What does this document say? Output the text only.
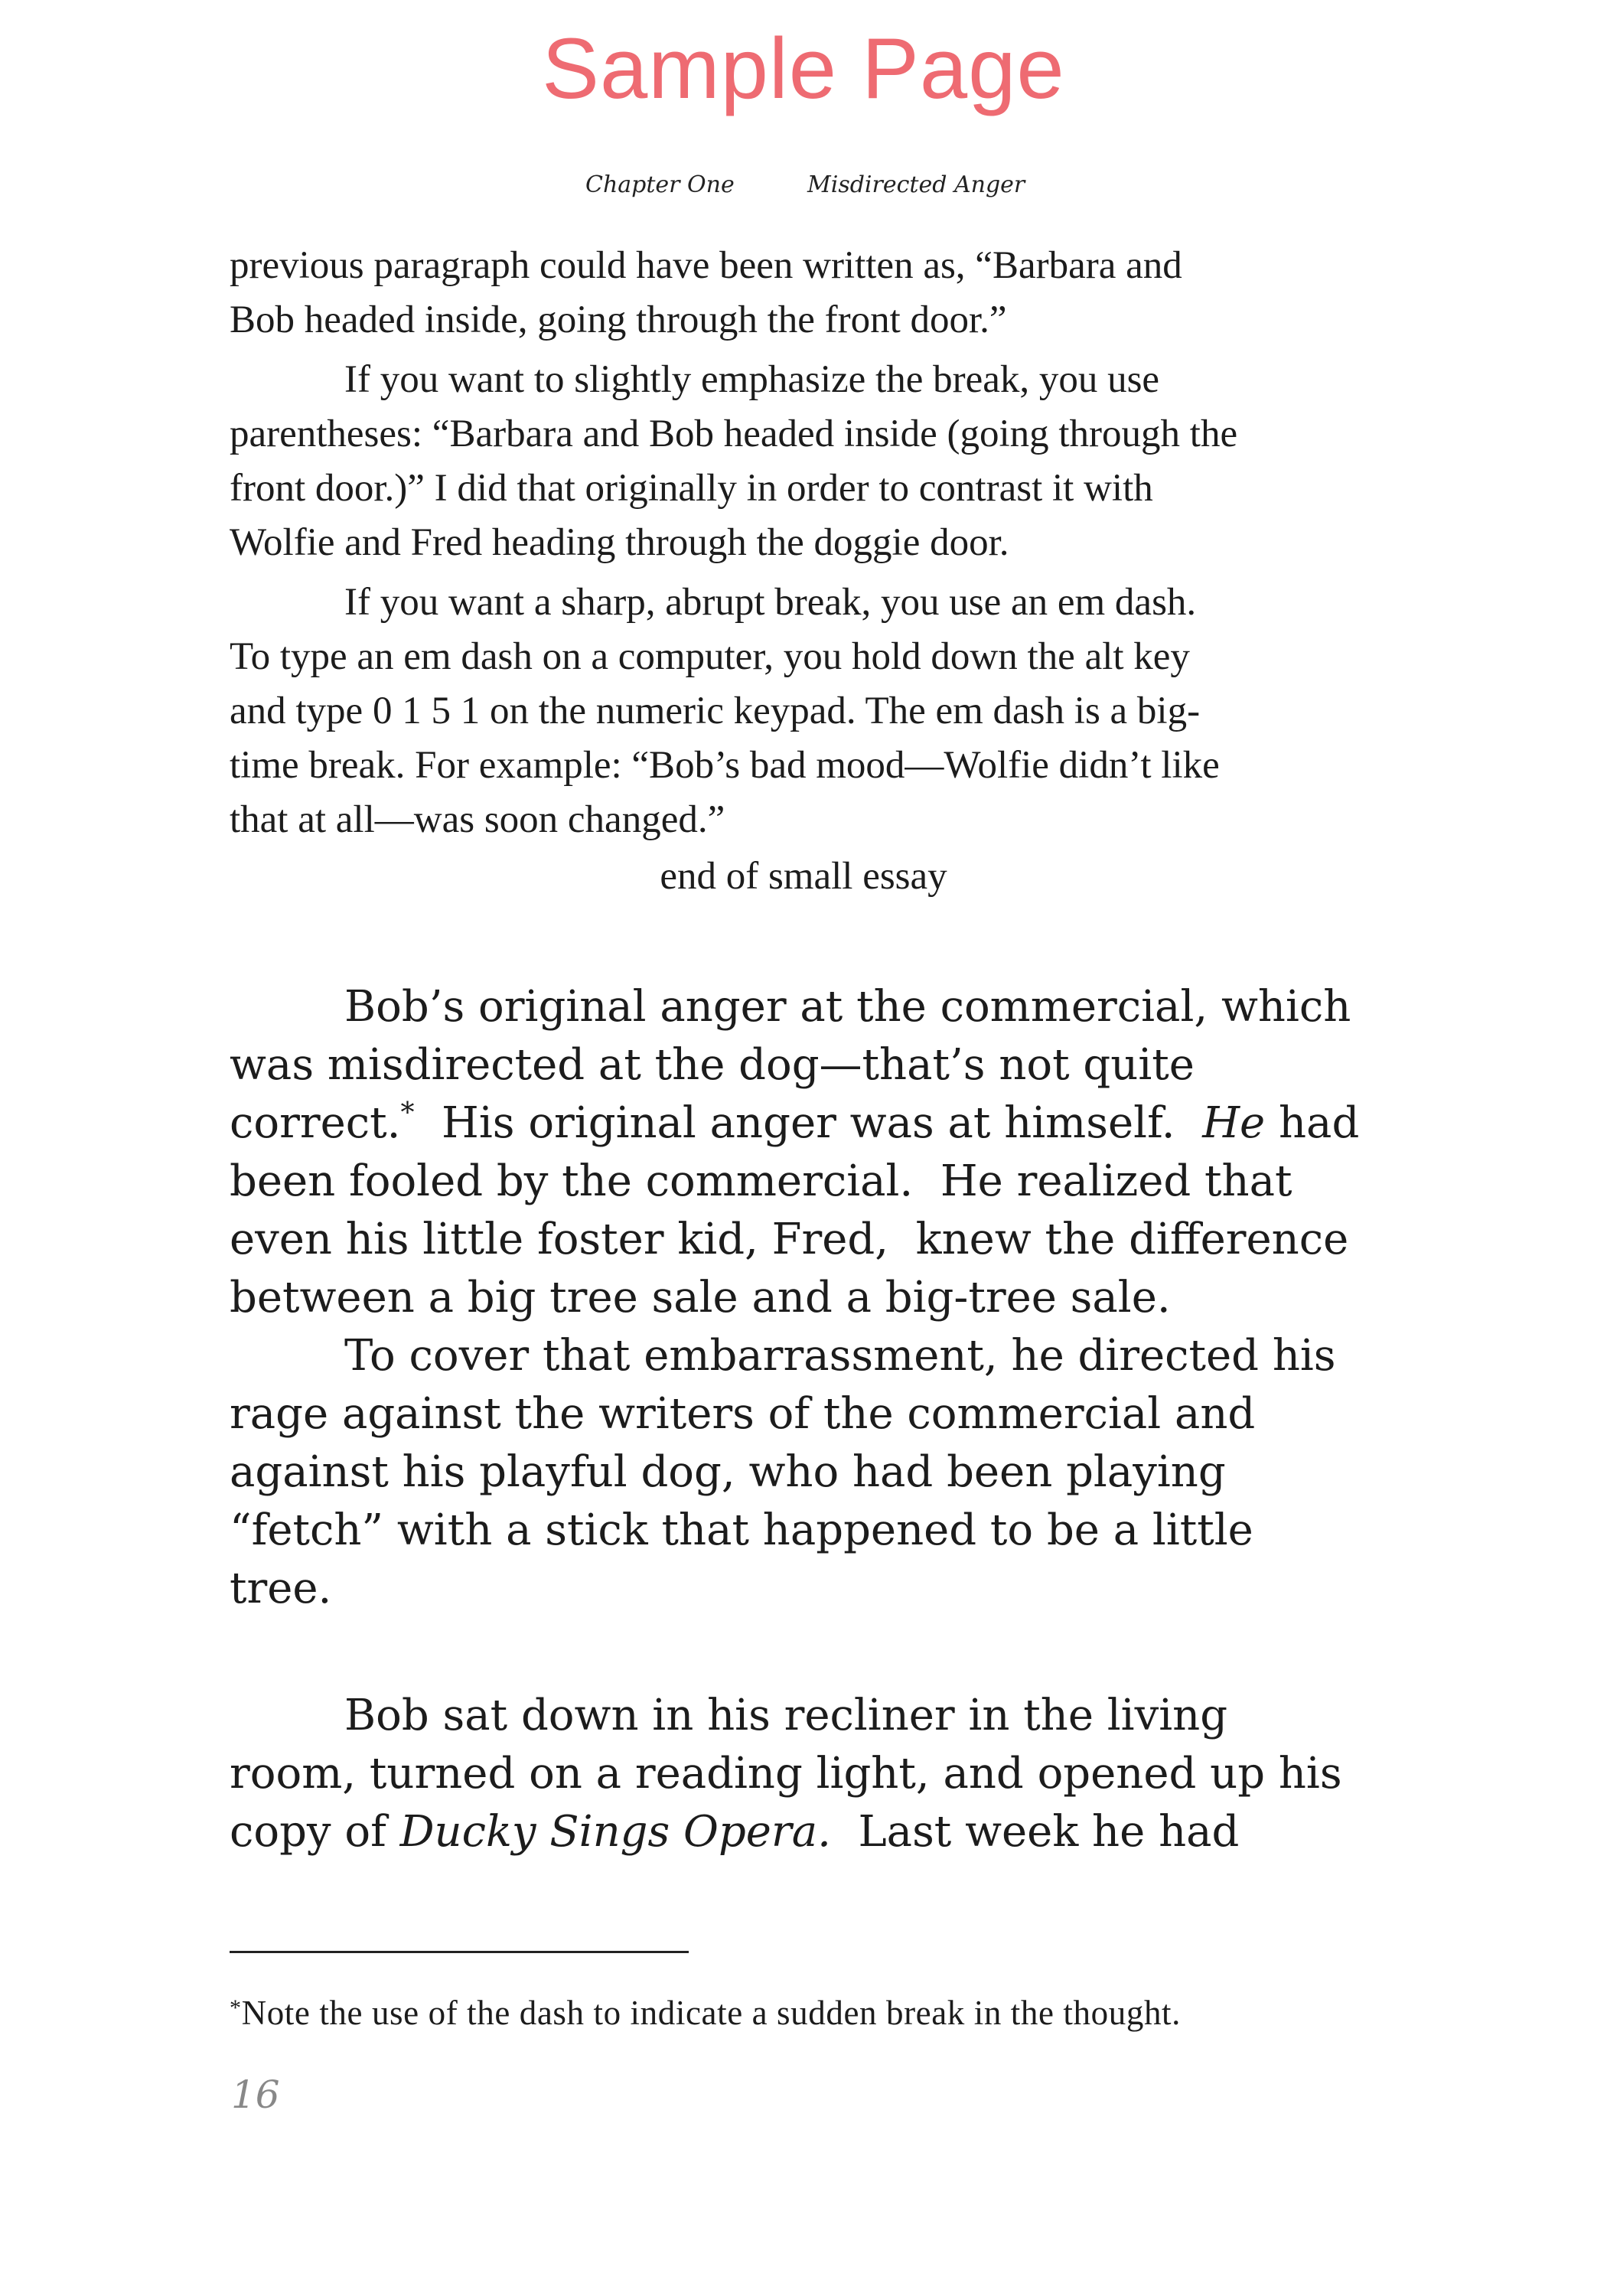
Sample Page
Chapter One	Misdirected Anger

previous paragraph could have been written as, “Barbara and
Bob headed inside, going through the front door.”

If you want to slightly emphasize the break, you use
parentheses: “Barbara and Bob headed inside (going through the
front door.)” I did that originally in order to contrast it with
Wolfie and Fred heading through the doggie door.

If you want a sharp, abrupt break, you use an em dash.
To type an em dash on a computer, you hold down the alt key
and type 0 1 5 1 on the numeric keypad. The em dash is a big-
time break. For example: “Bob’s bad mood—Wolfie didn’t like
that at all—was soon changed.”

end of small essay

Bob’s original anger at the commercial, which
was misdirected at the dog—that’s not quite
correct.*  His original anger was at himself.  He had
been fooled by the commercial.  He realized that
even his little foster kid, Fred,  knew the difference
between a big tree sale and a big-tree sale.

To cover that embarrassment, he directed his
rage against the writers of the commercial and
against his playful dog, who had been playing
“fetch” with a stick that happened to be a little
tree.

Bob sat down in his recliner in the living
room, turned on a reading light, and opened up his
copy of Ducky Sings Opera.  Last week he had

*Note the use of the dash to indicate a sudden break in the thought.
16
